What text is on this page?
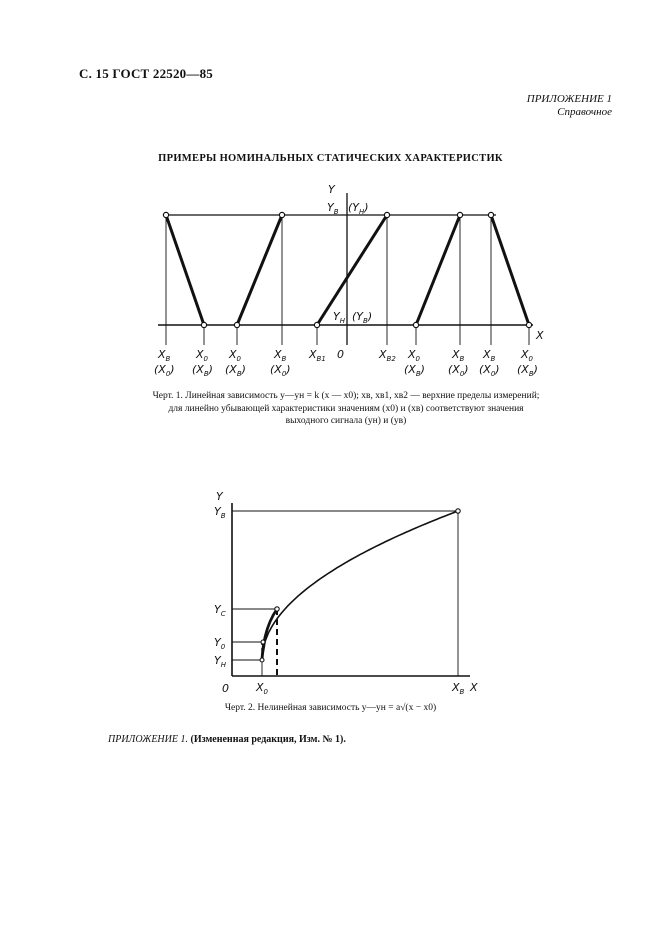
С. 15 ГОСТ 22520—85
ПРИЛОЖЕНИЕ 1
Справочное
ПРИМЕРЫ НОМИНАЛЬНЫХ СТАТИЧЕСКИХ ХАРАКТЕРИСТИК
Y
X
0
$Y_В$ $(Y_Н)$
$Y_Н$ $(Y_В)$
$X_В$
$(X_0)$
$X_0$
$(X_В)$
$X_0$
$(X_В)$
$X_В$
$(X_0)$
$X_{В1}$	$X_{В2}$ $X_0$
$(X_В)$
$X_В$
$(X_0)$
$X_В$
$(X_0)$
$X_0$
$(X_В)$
Черт. 1. Линейная зависимость y—yн = k (x — x0); xв, xв1, xв2 — верхние пределы измерений;
для линейно убывающей характеристики значениям (x0) и (xв) соответствуют значения
выходного сигнала (yн) и (yв)
Y
X
0
$Y_В$
$Y_C$
$Y_0$
$Y_Н$
$X_0$	$X_В$
Черт. 2. Нелинейная зависимость y—yн = a√(x − x0)
ПРИЛОЖЕНИЕ 1. (Измененная редакция, Изм. № 1).
